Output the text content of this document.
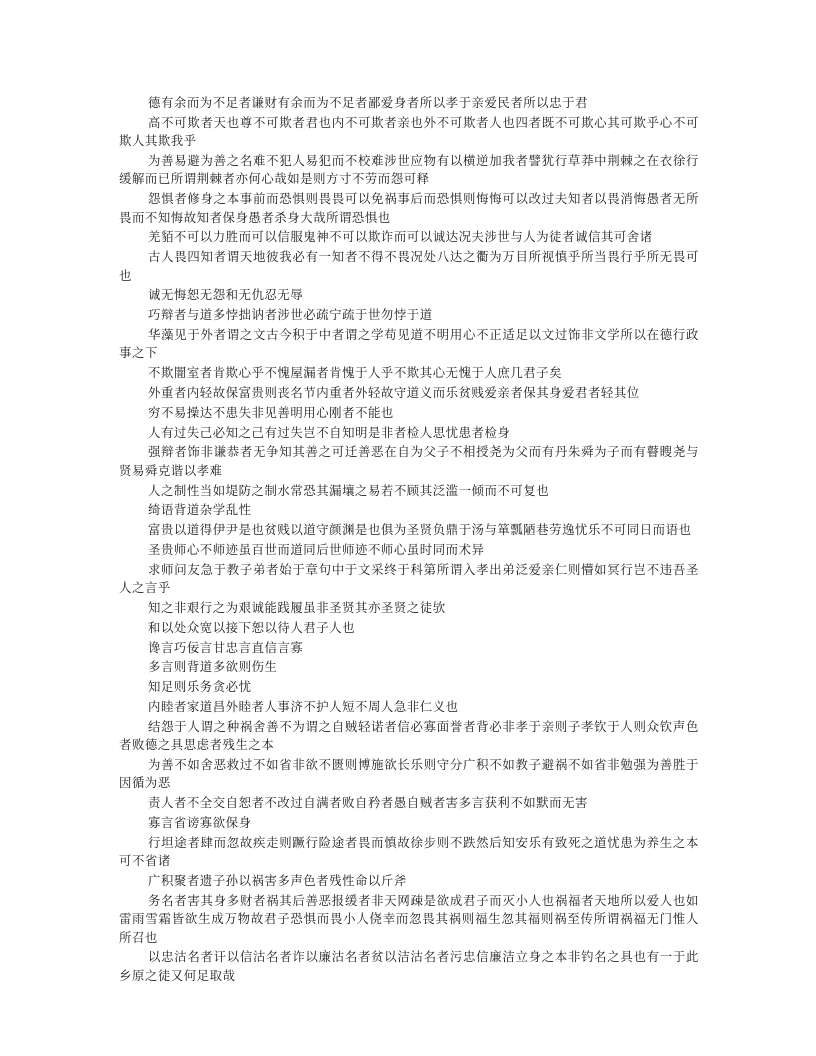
德有余而为不足者谦财有余而为不足者鄙爱身者所以孝于亲爱民者所以忠于君

高不可欺者天也尊不可欺者君也内不可欺者亲也外不可欺者人也四者既不可欺心其可欺乎心不可欺人其欺我乎

为善易避为善之名难不犯人易犯而不校难涉世应物有以横逆加我者譬犹行草莽中荆棘之在衣徐行缓解而已所谓荆棘者亦何心哉如是则方寸不劳而怨可释

怨惧者修身之本事前而恐惧则畏畏可以免祸事后而恐惧则悔悔可以改过夫知者以畏消悔愚者无所畏而不知悔故知者保身愚者杀身大哉所谓恐惧也

羌貊不可以力胜而可以信服鬼神不可以欺诈而可以诚达况夫涉世与人为徒者诚信其可舍诸

古人畏四知者谓天地彼我必有一知者不得不畏况处八达之衢为万目所视慎乎所当畏行乎所无畏可也

诚无悔恕无怨和无仇忍无辱

巧辩者与道多悖拙讷者涉世必疏宁疏于世勿悖于道

华藻见于外者谓之文古今积于中者谓之学苟见道不明用心不正适足以文过饰非文学所以在德行政事之下

不欺闇室者肯欺心乎不愧屋漏者肯愧于人乎不欺其心无愧于人庶几君子矣

外重者内轻故保富贵则丧名节内重者外轻故守道义而乐贫贱爱亲者保其身爱君者轻其位

穷不易操达不患失非见善明用心刚者不能也

人有过失己必知之己有过失岂不自知明是非者检人思忧患者检身

强辩者饰非谦恭者无争知其善之可迁善恶在自为父子不相授尧为父而有丹朱舜为子而有瞽瞍尧与贤易舜克谐以孝难

人之制性当如堤防之制水常恐其漏壤之易若不顾其泛滥一倾而不可复也

绮语背道杂学乱性

富贵以道得伊尹是也贫贱以道守颜渊是也俱为圣贤负鼎于汤与箪瓢陋巷劳逸忧乐不可同日而语也

圣贵师心不师迹虽百世而道同后世师迹不师心虽时同而术异

求师问友急于教子弟者始于章句中于文采终于科第所谓入孝出弟泛爱亲仁则懵如冥行岂不违吾圣人之言乎

知之非艰行之为艰诚能践履虽非圣贤其亦圣贤之徒欤

和以处众宽以接下恕以待人君子人也

谗言巧佞言甘忠言直信言寡

多言则背道多欲则伤生

知足则乐务贪必忧

内睦者家道昌外睦者人事济不护人短不周人急非仁义也

结怨于人谓之种祸舍善不为谓之自贼轻诺者信必寡面誉者背必非孝于亲则子孝钦于人则众钦声色者败德之具思虑者残生之本

为善不如舍恶救过不如省非欲不匮则博施欲长乐则守分广积不如教子避祸不如省非勉强为善胜于因循为恶

责人者不全交自恕者不改过自满者败自矜者愚自贼者害多言获利不如默而无害

寡言省谤寡欲保身

行坦途者肆而忽故疾走则蹶行险途者畏而慎故徐步则不跌然后知安乐有致死之道忧患为养生之本可不省诸

广积聚者遗子孙以祸害多声色者残性命以斤斧

务名者害其身多财者祸其后善恶报缓者非天网疎是欲成君子而灭小人也祸福者天地所以爱人也如雷雨雪霜皆欲生成万物故君子恐惧而畏小人侥幸而忽畏其祸则福生忽其福则祸至传所谓祸福无门惟人所召也

以忠沽名者讦以信沽名者诈以廉沽名者贫以洁沽名者污忠信廉洁立身之本非钓名之具也有一于此乡原之徒又何足取哉
